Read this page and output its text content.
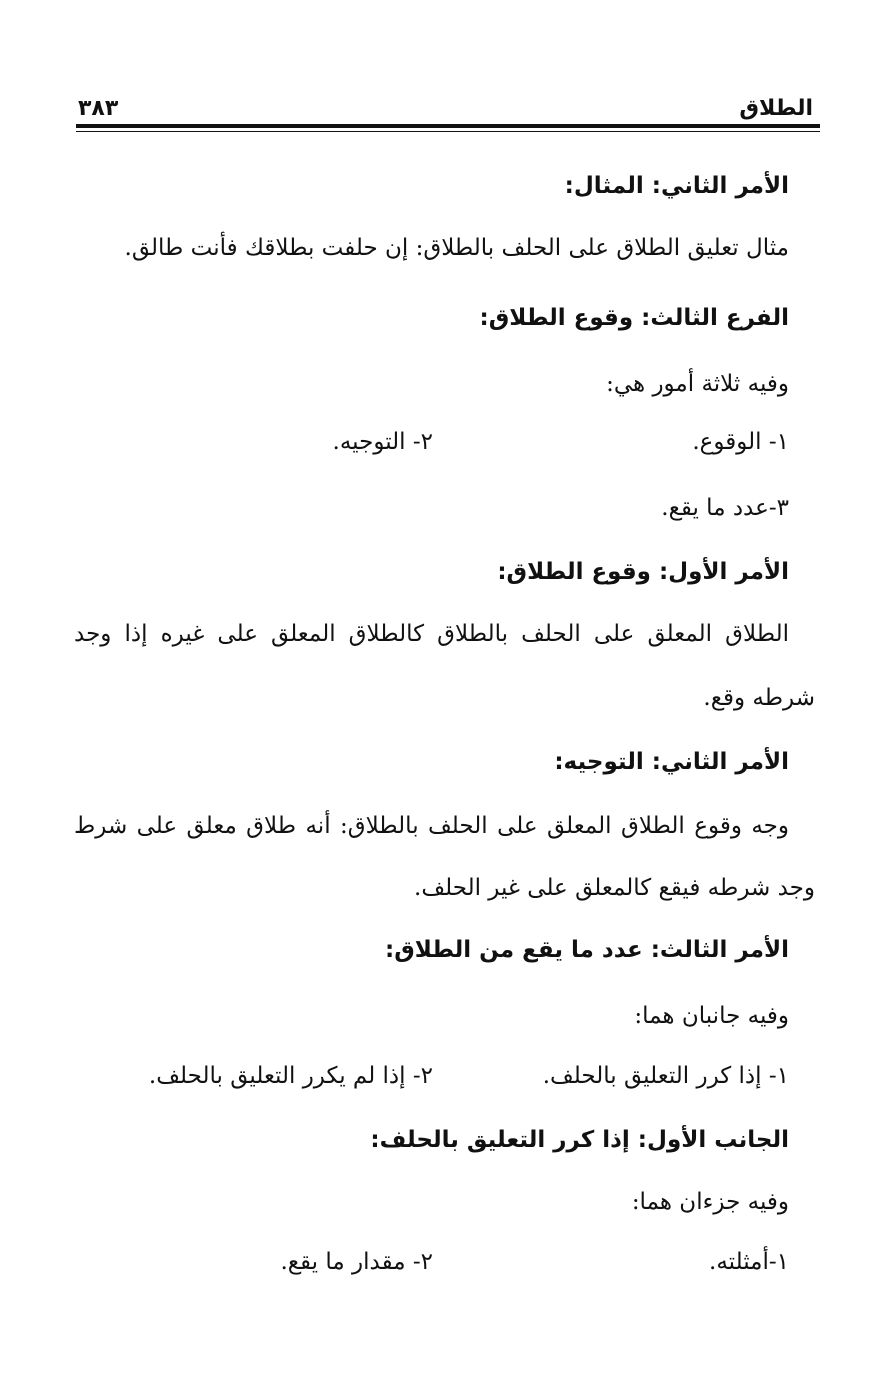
الطلاق
٣٨٣
الأمر الثاني: المثال:
مثال تعليق الطلاق على الحلف بالطلاق: إن حلفت بطلاقك فأنت طالق.
الفرع الثالث: وقوع الطلاق:
وفيه ثلاثة أمور هي:
١- الوقوع.
٢- التوجيه.
٣-عدد ما يقع.
الأمر الأول: وقوع الطلاق:
الطلاق المعلق على الحلف بالطلاق كالطلاق المعلق على غيره إذا وجد
شرطه وقع.
الأمر الثاني: التوجيه:
وجه وقوع الطلاق المعلق على الحلف بالطلاق: أنه طلاق معلق على شرط
وجد شرطه فيقع كالمعلق على غير الحلف.
الأمر الثالث: عدد ما يقع من الطلاق:
وفيه جانبان هما:
١- إذا كرر التعليق بالحلف.
٢- إذا لم يكرر التعليق بالحلف.
الجانب الأول: إذا كرر التعليق بالحلف:
وفيه جزءان هما:
١-أمثلته.
٢- مقدار ما يقع.
